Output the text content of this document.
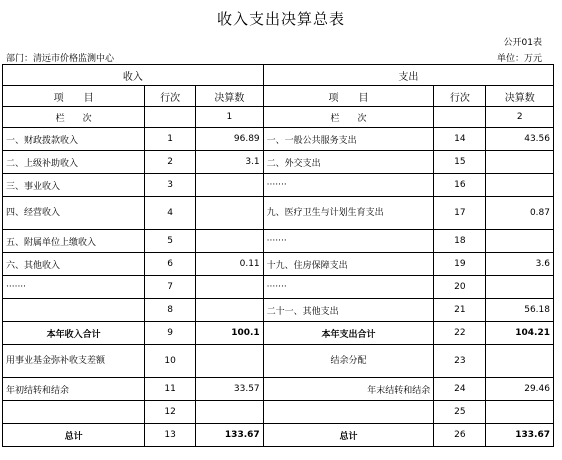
收入支出决算总表
公开01表
部门：清远市价格监测中心	单位：万元
收入			支出		
项　　目	行次	决算数	项　　目	行次	决算数
栏　　次		1	栏　　次		2
一、财政拨款收入	1	96.89	一、一般公共服务支出	14	43.56
二、上级补助收入	2	3.1	二、外交支出	15	
三、事业收入	3		·······	16	
四、经营收入	4		九、医疗卫生与计划生育支出	17	0.87
五、附属单位上缴收入	5		·······	18	
六、其他收入	6	0.11	十九、住房保障支出	19	3.6
·······	7		·······	20	
	8		二十一、其他支出	21	56.18
本年收入合计	9	100.1	本年支出合计	22	104.21
用事业基金弥补收支差额	10		结余分配	23	
年初结转和结余	11	33.57	年末结转和结余	24	29.46
	12			25	
总计	13	133.67	总计	26	133.67
